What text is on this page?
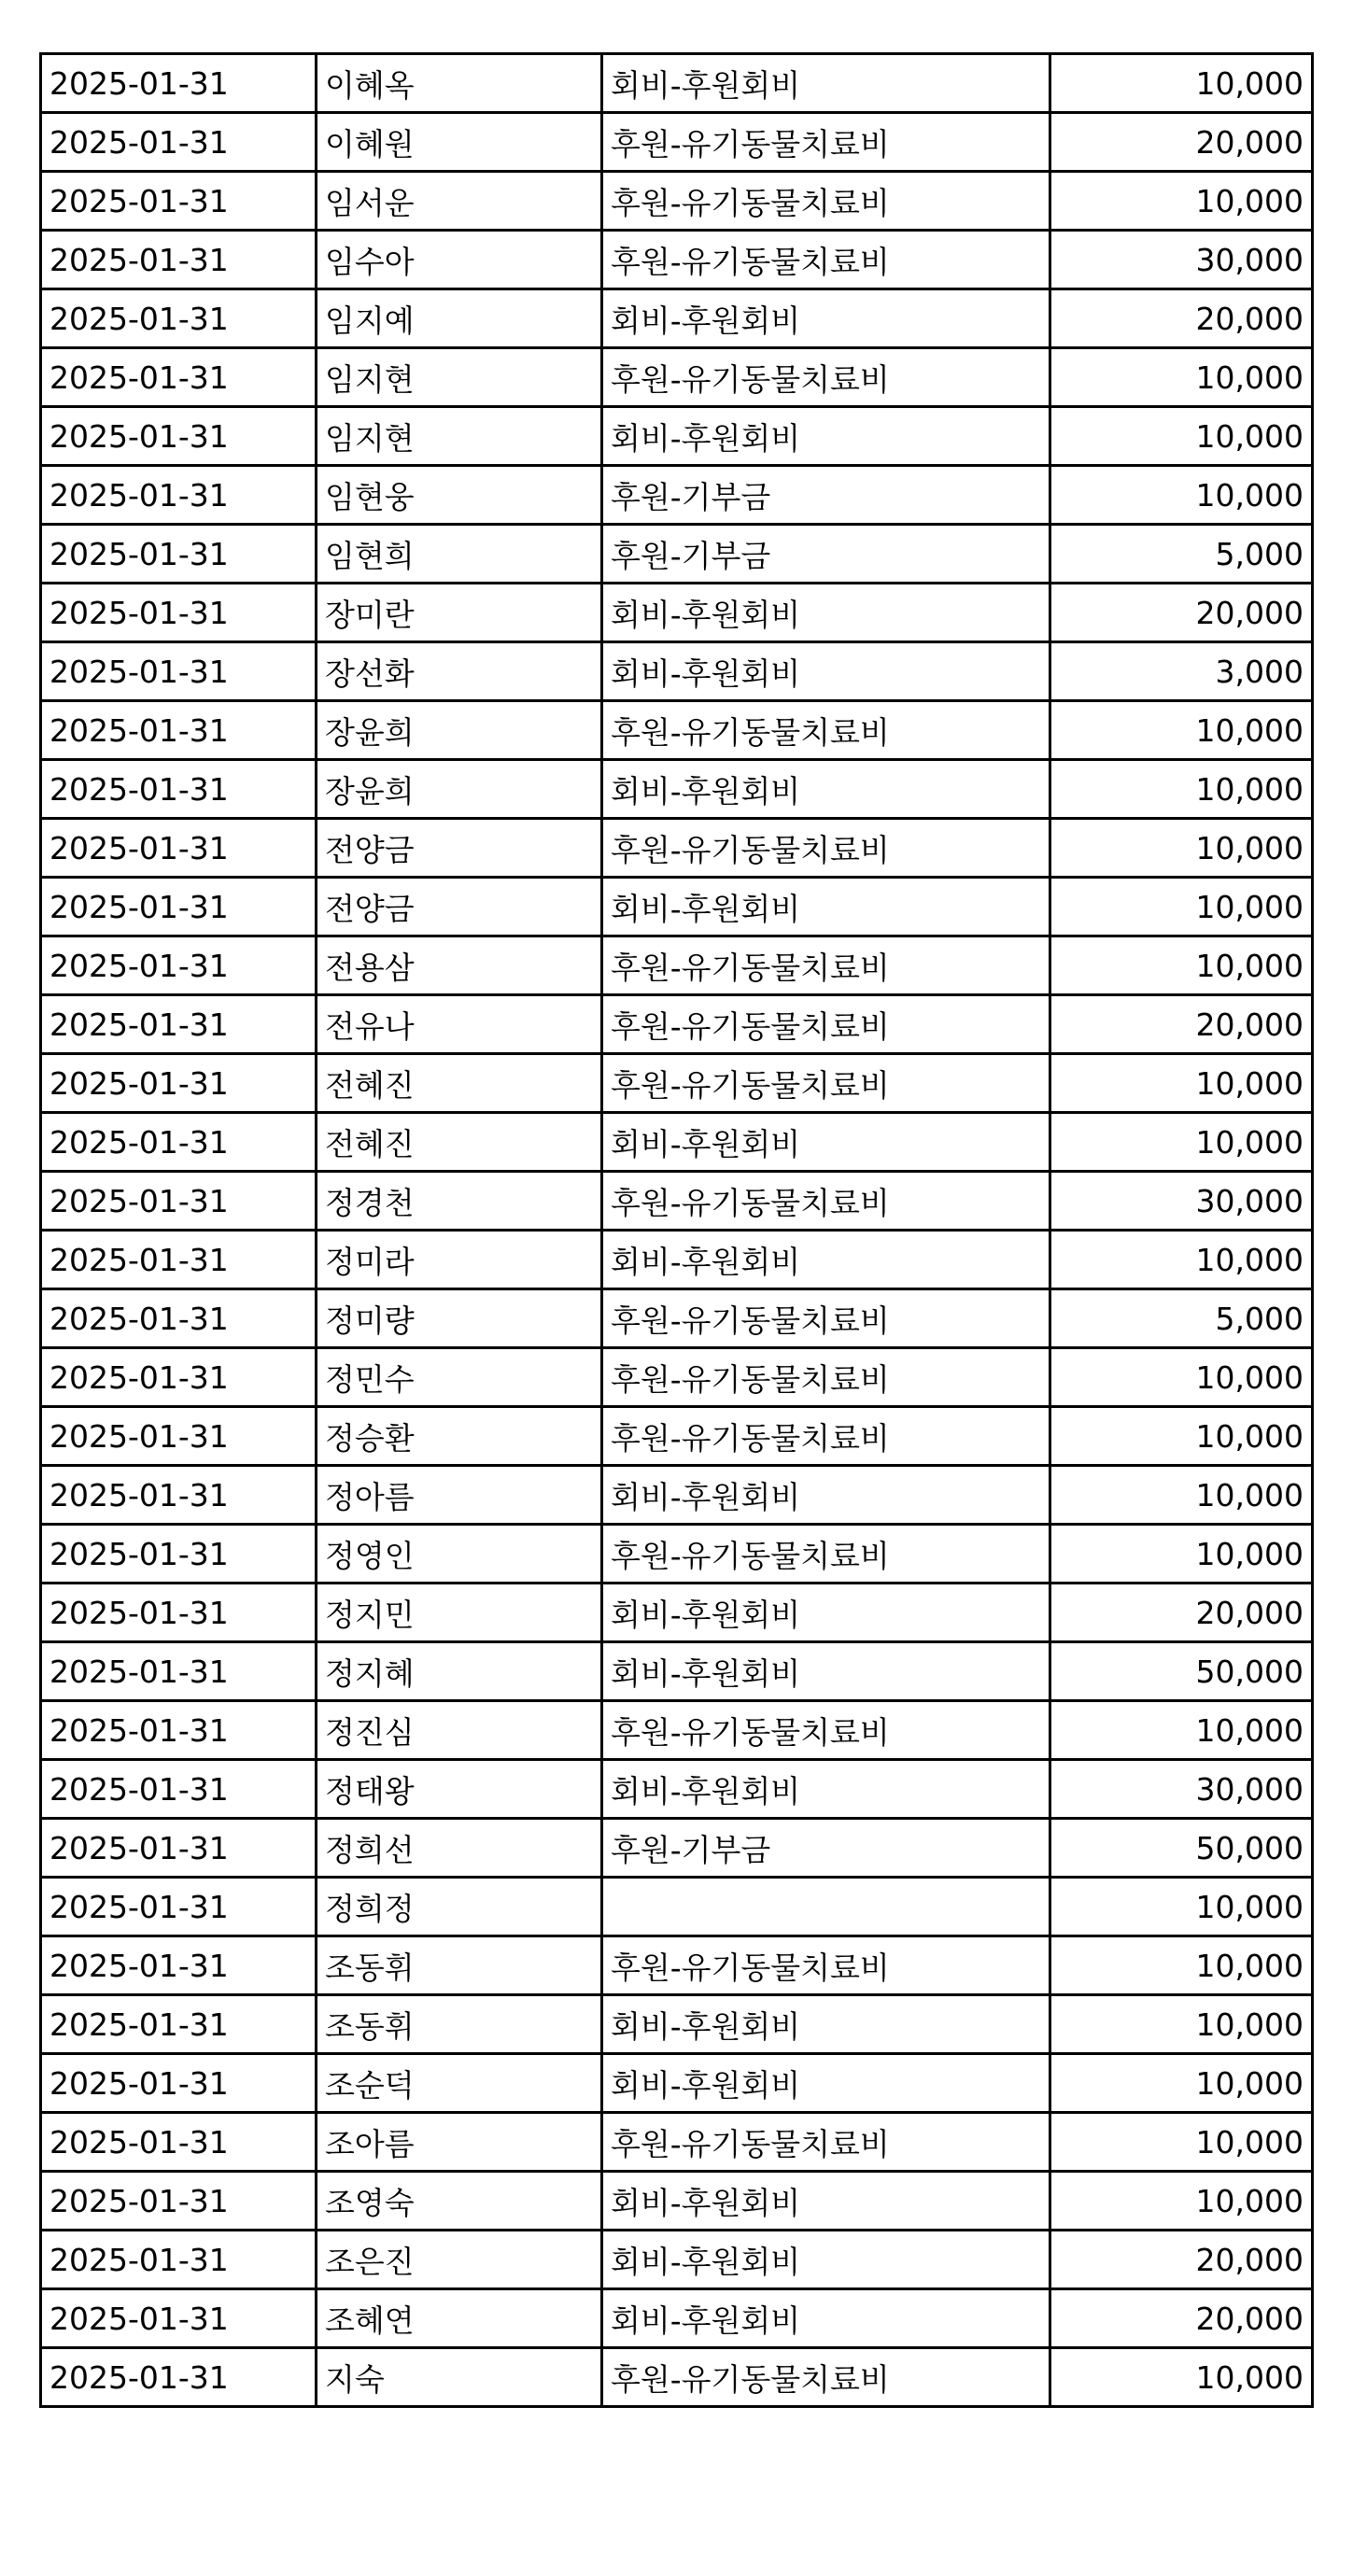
2025-01-31	이혜옥	회비-후원회비	10,000
2025-01-31	이혜원	후원-유기동물치료비	20,000
2025-01-31	임서운	후원-유기동물치료비	10,000
2025-01-31	임수아	후원-유기동물치료비	30,000
2025-01-31	임지예	회비-후원회비	20,000
2025-01-31	임지현	후원-유기동물치료비	10,000
2025-01-31	임지현	회비-후원회비	10,000
2025-01-31	임현웅	후원-기부금	10,000
2025-01-31	임현희	후원-기부금	5,000
2025-01-31	장미란	회비-후원회비	20,000
2025-01-31	장선화	회비-후원회비	3,000
2025-01-31	장윤희	후원-유기동물치료비	10,000
2025-01-31	장윤희	회비-후원회비	10,000
2025-01-31	전양금	후원-유기동물치료비	10,000
2025-01-31	전양금	회비-후원회비	10,000
2025-01-31	전용삼	후원-유기동물치료비	10,000
2025-01-31	전유나	후원-유기동물치료비	20,000
2025-01-31	전혜진	후원-유기동물치료비	10,000
2025-01-31	전혜진	회비-후원회비	10,000
2025-01-31	정경천	후원-유기동물치료비	30,000
2025-01-31	정미라	회비-후원회비	10,000
2025-01-31	정미량	후원-유기동물치료비	5,000
2025-01-31	정민수	후원-유기동물치료비	10,000
2025-01-31	정승환	후원-유기동물치료비	10,000
2025-01-31	정아름	회비-후원회비	10,000
2025-01-31	정영인	후원-유기동물치료비	10,000
2025-01-31	정지민	회비-후원회비	20,000
2025-01-31	정지혜	회비-후원회비	50,000
2025-01-31	정진심	후원-유기동물치료비	10,000
2025-01-31	정태왕	회비-후원회비	30,000
2025-01-31	정희선	후원-기부금	50,000
2025-01-31	정희정		10,000
2025-01-31	조동휘	후원-유기동물치료비	10,000
2025-01-31	조동휘	회비-후원회비	10,000
2025-01-31	조순덕	회비-후원회비	10,000
2025-01-31	조아름	후원-유기동물치료비	10,000
2025-01-31	조영숙	회비-후원회비	10,000
2025-01-31	조은진	회비-후원회비	20,000
2025-01-31	조혜연	회비-후원회비	20,000
2025-01-31	지숙	후원-유기동물치료비	10,000
